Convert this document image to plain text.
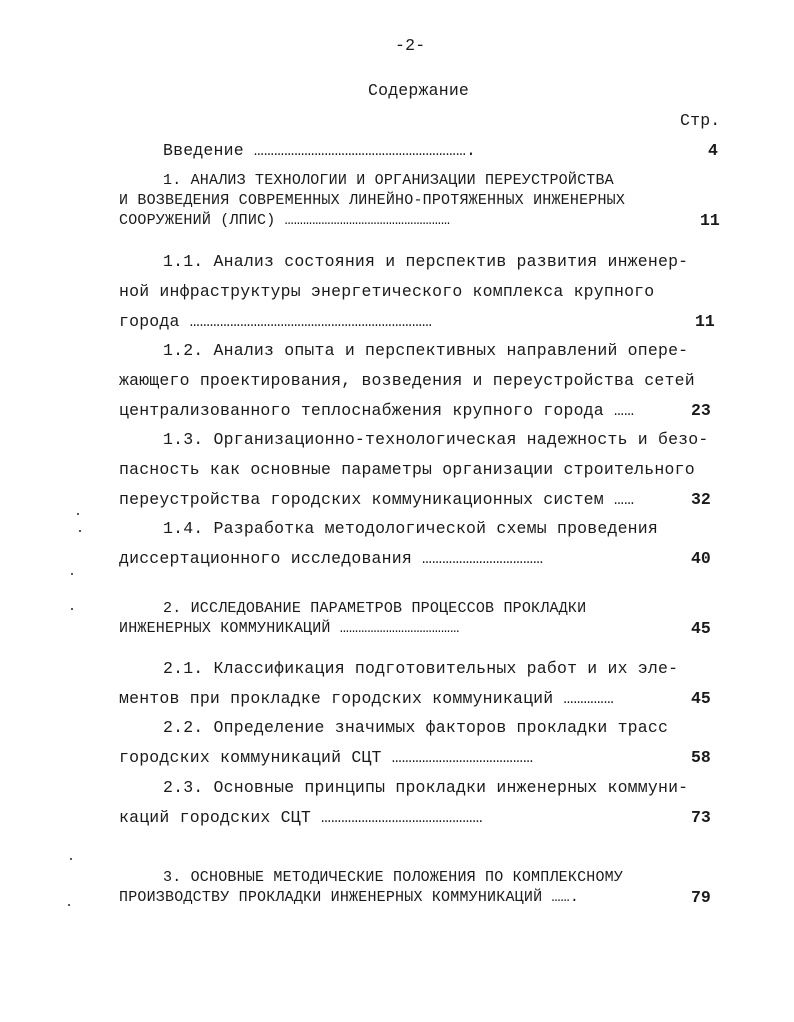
-2-
Содержание
Стр.
Введение ……………………………………………………….	4
1. АНАЛИЗ ТЕХНОЛОГИИ И ОРГАНИЗАЦИИ ПЕРЕУСТРОЙСТВА
И ВОЗВЕДЕНИЯ СОВРЕМЕННЫХ ЛИНЕЙНО-ПРОТЯЖЕННЫХ ИНЖЕНЕРНЫХ
СООРУЖЕНИЙ (ЛПИС) ………………………………………………	11
1.1. Анализ состояния и перспектив развития инженер-
ной инфраструктуры энергетического комплекса крупного
города ………………………………………………………………	11
1.2. Анализ опыта и перспективных направлений опере-
жающего проектирования, возведения и переустройства сетей
централизованного теплоснабжения крупного города ……	23
1.3. Организационно-технологическая надежность и безо-
пасность как основные параметры организации строительного
переустройства городских коммуникационных систем ……	32
1.4. Разработка методологической схемы проведения
диссертационного исследования ………………………………	40
2. ИССЛЕДОВАНИЕ ПАРАМЕТРОВ ПРОЦЕССОВ ПРОКЛАДКИ
ИНЖЕНЕРНЫХ КОММУНИКАЦИЙ …………………………………	45
2.1. Классификация подготовительных работ и их эле-
ментов при прокладке городских коммуникаций ……………	45
2.2. Определение значимых факторов прокладки трасс
городских коммуникаций СЦТ ……………………………………	58
2.3. Основные принципы прокладки инженерных коммуни-
каций городских СЦТ …………………………………………	73
3. ОСНОВНЫЕ МЕТОДИЧЕСКИЕ ПОЛОЖЕНИЯ ПО КОМПЛЕКСНОМУ
ПРОИЗВОДСТВУ ПРОКЛАДКИ ИНЖЕНЕРНЫХ КОММУНИКАЦИЙ …….	79
